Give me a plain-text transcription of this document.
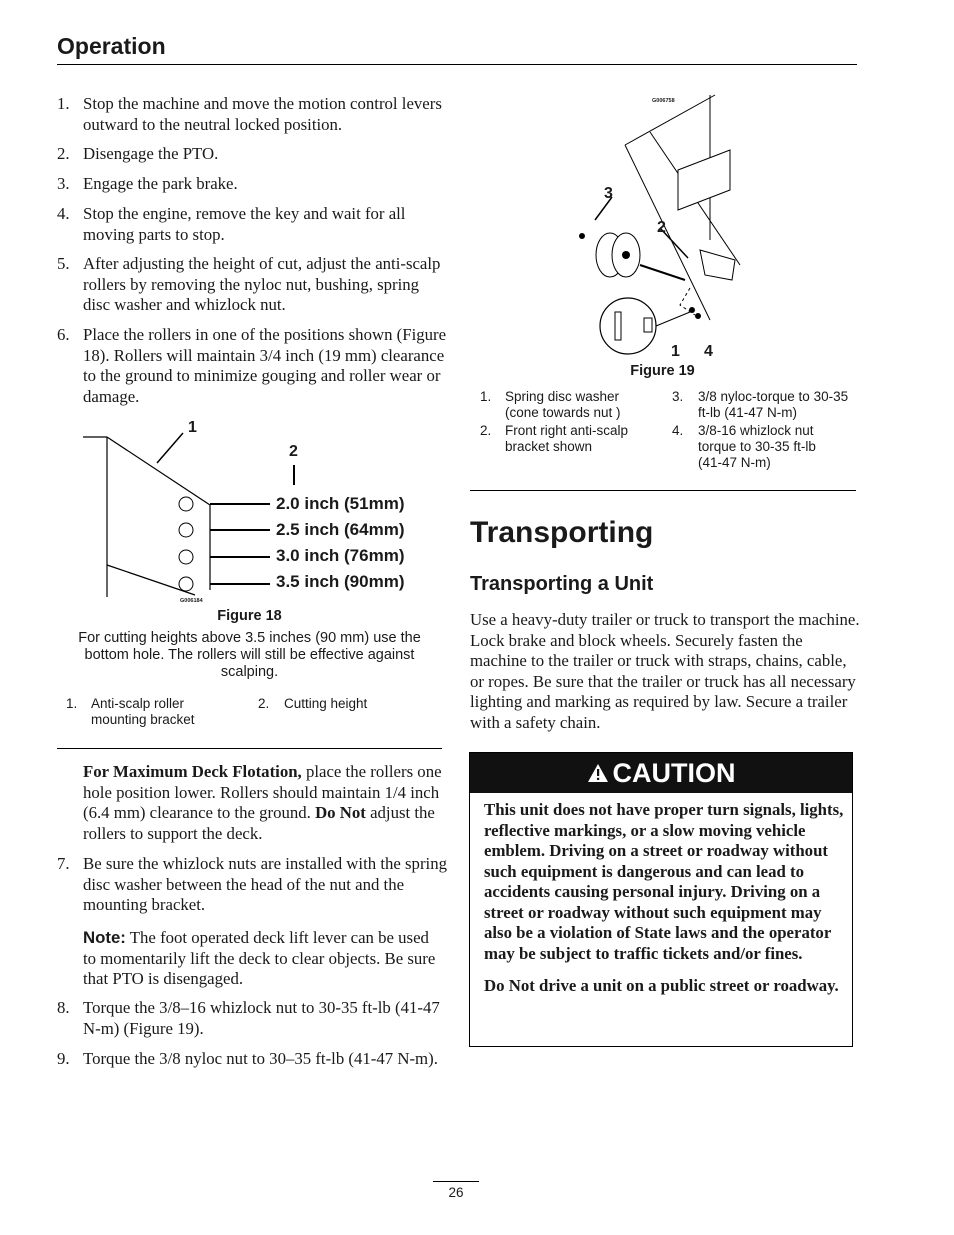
Operation
1. Stop the machine and move the motion control levers outward to the neutral locked position.
2. Disengage the PTO.
3. Engage the park brake.
4. Stop the engine, remove the key and wait for all moving parts to stop.
5. After adjusting the height of cut, adjust the anti-scalp rollers by removing the nyloc nut, bushing, spring disc washer and whizlock nut.
6. Place the rollers in one of the positions shown (Figure 18). Rollers will maintain 3/4 inch (19 mm) clearance to the ground to minimize gouging and roller wear or damage.
1
2
2.0 inch (51mm)
2.5 inch (64mm)
3.0 inch (76mm)
3.5 inch (90mm)
G006184
Figure 18
For cutting heights above 3.5 inches (90 mm) use the bottom hole. The rollers will still be effective against scalping.
1. Anti-scalp roller mounting bracket
2. Cutting height
For Maximum Deck Flotation, place the rollers one hole position lower. Rollers should maintain 1/4 inch (6.4 mm) clearance to the ground. Do Not adjust the rollers to support the deck.
7. Be sure the whizlock nuts are installed with the spring disc washer between the head of the nut and the mounting bracket.
Note: The foot operated deck lift lever can be used to momentarily lift the deck to clear objects. Be sure that PTO is disengaged.
8. Torque the 3/8–16 whizlock nut to 30-35 ft-lb (41-47 N-m) (Figure 19).
9. Torque the 3/8 nyloc nut to 30–35 ft-lb (41-47 N-m).
G006758
3
2
1 4
Figure 19
1. Spring disc washer (cone towards nut )
2. Front right anti-scalp bracket shown
3. 3/8 nyloc-torque to 30-35 ft-lb (41-47 N-m)
4. 3/8-16 whizlock nut torque to 30-35 ft-lb (41-47 N-m)
Transporting
Transporting a Unit
Use a heavy-duty trailer or truck to transport the machine. Lock brake and block wheels. Securely fasten the machine to the trailer or truck with straps, chains, cable, or ropes. Be sure that the trailer or truck has all necessary lighting and marking as required by law. Secure a trailer with a safety chain.
CAUTION
This unit does not have proper turn signals, lights, reflective markings, or a slow moving vehicle emblem. Driving on a street or roadway without such equipment is dangerous and can lead to accidents causing personal injury. Driving on a street or roadway without such equipment may also be a violation of State laws and the operator may be subject to traffic tickets and/or fines.
Do Not drive a unit on a public street or roadway.
26
